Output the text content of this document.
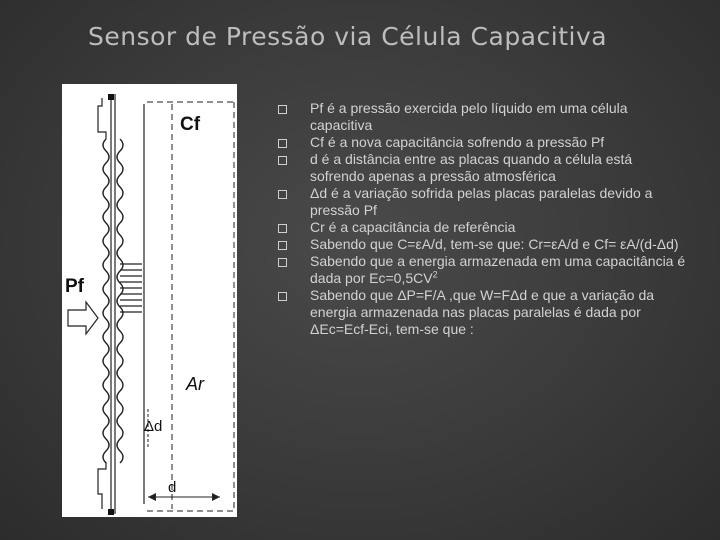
Sensor de Pressão via Célula Capacitiva
Cf
Pf
Ar
Δd
d
Pf é a pressão exercida pelo líquido em uma célula capacitiva
Cf é a nova capacitância sofrendo a pressão Pf
d é a distância entre as placas quando a célula está sofrendo apenas a pressão atmosférica
Δd é a variação sofrida pelas placas paralelas devido a pressão Pf
Cr é a capacitância de referência
Sabendo que C=εA/d, tem-se que: Cr=εA/d e Cf= εA/(d-Δd)
Sabendo que a energia armazenada em uma capacitância é dada por $Ec=0,5CV^2$
Sabendo que ΔP=F/A ,que W=FΔd e que a variação da energia armazenada nas placas paralelas é dada por ΔEc=Ecf-Eci, tem-se que :
